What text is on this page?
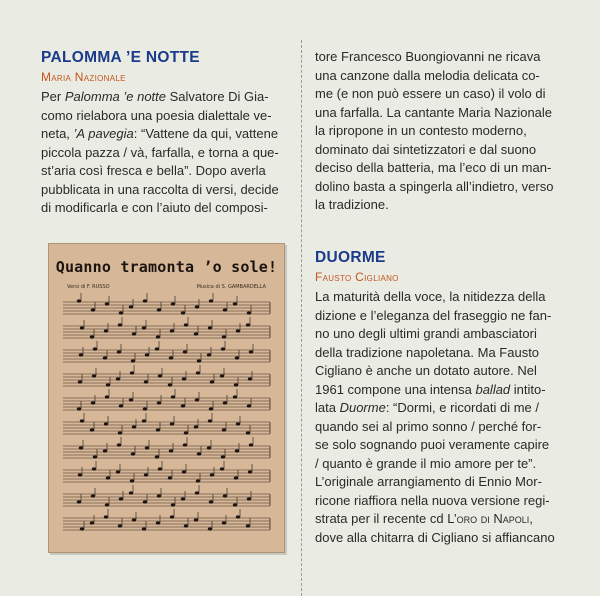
PALOMMA ’E NOTTE
Maria Nazionale

Per Palomma ’e notte Salvatore Di Gia-
como rielabora una poesia dialettale ve-
neta, ’A pavegia: “Vattene da qui, vattene
piccola pazza / và, farfalla, e torna a que-
st’aria così fresca e bella”. Dopo averla
pubblicata in una raccolta di versi, decide
di modificarla e con l’aiuto del composi-

Quanno tramonta ’o sole!
Versi di F. RUSSO	Musica di S. GAMBARDELLA

tore Francesco Buongiovanni ne ricava
una canzone dalla melodia delicata co-
me (e non può essere un caso) il volo di
una farfalla. La cantante Maria Nazionale
la ripropone in un contesto moderno,
dominato dai sintetizzatori e dal suono
deciso della batteria, ma l’eco di un man-
dolino basta a spingerla all’indietro, verso
la tradizione.

DUORME
Fausto Cigliano

La maturità della voce, la nitidezza della
dizione e l’eleganza del fraseggio ne fan-
no uno degli ultimi grandi ambasciatori
della tradizione napoletana. Ma Fausto
Cigliano è anche un dotato autore. Nel
1961 compone una intensa ballad intito-
lata Duorme: “Dormi, e ricordati di me /
quando sei al primo sonno / perché for-
se solo sognando puoi veramente capire
/ quanto è grande il mio amore per te”.
L’originale arrangiamento di Ennio Mor-
ricone riaffiora nella nuova versione regi-
strata per il recente cd L’oro di Napoli,
dove alla chitarra di Cigliano si affiancano
